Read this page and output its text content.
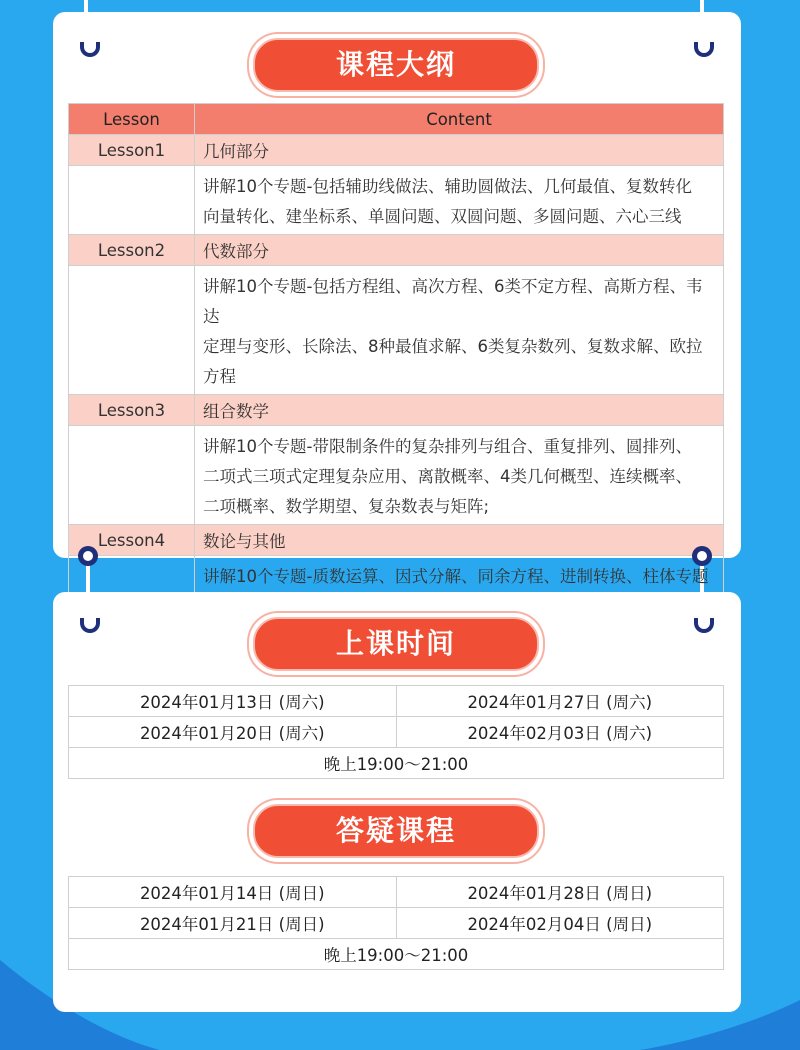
课程大纲
Lesson	Content
Lesson1	几何部分

	讲解10个专题-包括辅助线做法、辅助圆做法、几何最值、复数转化
向量转化、建坐标系、单圆问题、双圆问题、多圆问题、六心三线

Lesson2	代数部分

	讲解10个专题-包括方程组、高次方程、6类不定方程、高斯方程、韦达
定理与变形、长除法、8种最值求解、6类复杂数列、复数求解、欧拉方程

Lesson3	组合数学

	讲解10个专题-带限制条件的复杂排列与组合、重复排列、圆排列、
二项式三项式定理复杂应用、离散概率、4类几何概型、连续概率、
二项概率、数学期望、复杂数表与矩阵;

Lesson4	数论与其他

	讲解10个专题-质数运算、因式分解、同余方程、进制转换、柱体专题
上课时间
2024年01月13日 (周六)	2024年01月27日 (周六)
2024年01月20日 (周六)	2024年02月03日 (周六)
晚上19:00～21:00	
答疑课程
2024年01月14日 (周日)	2024年01月28日 (周日)
2024年01月21日 (周日)	2024年02月04日 (周日)
晚上19:00～21:00	
